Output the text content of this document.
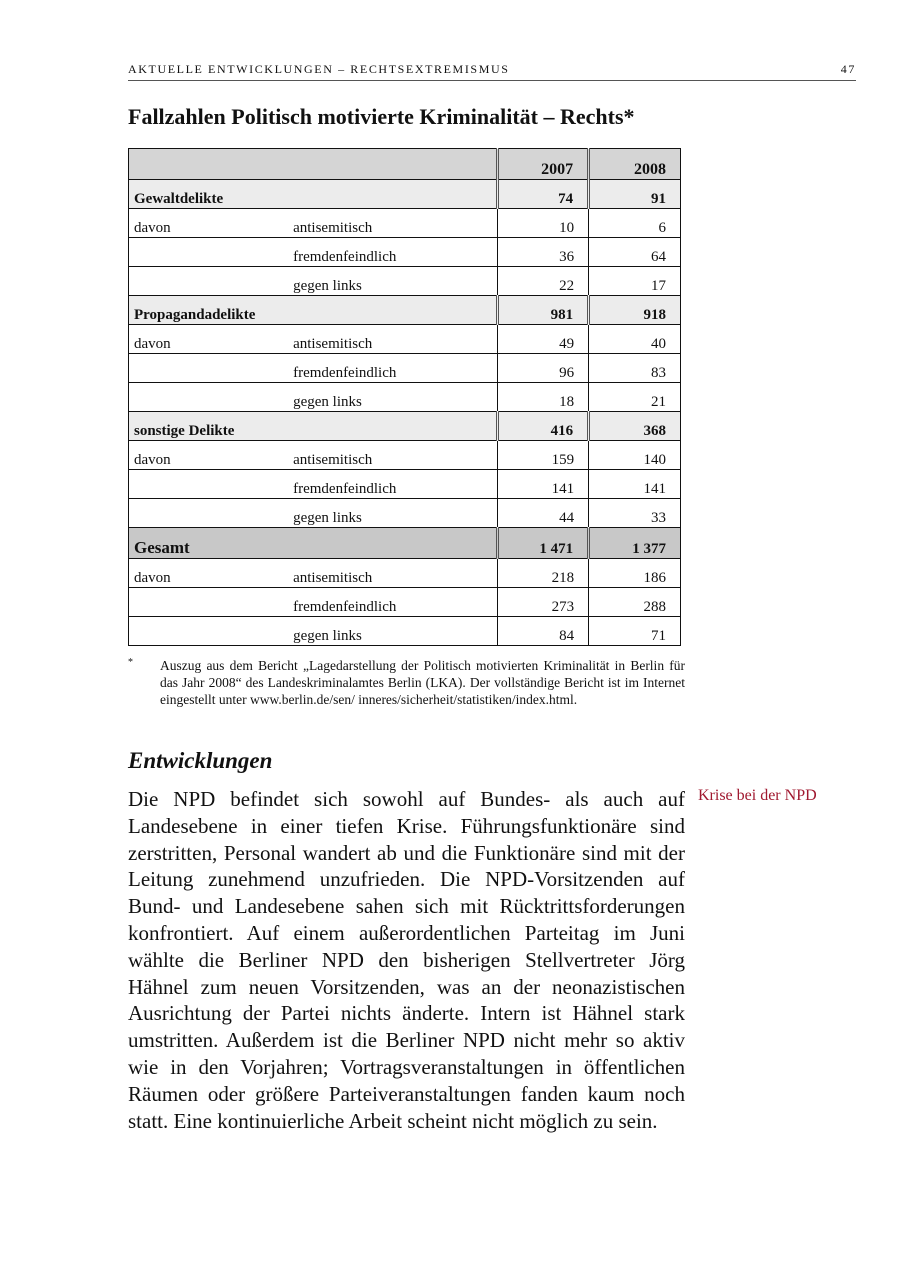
AKTUELLE ENTWICKLUNGEN – RECHTSEXTREMISMUS	47
Fallzahlen Politisch motivierte Kriminalität – Rechts*
		2007	2008
Gewaltdelikte		74	91
davon	antisemitisch	10	6
	fremdenfeindlich	36	64
	gegen links	22	17
Propagandadelikte		981	918
davon	antisemitisch	49	40
	fremdenfeindlich	96	83
	gegen links	18	21
sonstige Delikte		416	368
davon	antisemitisch	159	140
	fremdenfeindlich	141	141
	gegen links	44	33
Gesamt		1 471	1 377
davon	antisemitisch	218	186
	fremdenfeindlich	273	288
	gegen links	84	71
* Auszug aus dem Bericht „Lagedarstellung der Politisch motivierten Kriminalität in Berlin für das Jahr 2008“ des Landeskriminalamtes Berlin (LKA). Der vollständige Bericht ist im Internet eingestellt unter www.berlin.de/sen/ inneres/sicherheit/statistiken/index.html.
Entwicklungen

Die NPD befindet sich sowohl auf Bundes- als auch auf Landesebene in einer tiefen Krise. Führungsfunktionäre sind zerstritten, Personal wandert ab und die Funktionäre sind mit der Leitung zunehmend unzufrieden. Die NPD-Vorsitzenden auf Bund- und Landesebene sahen sich mit Rücktrittsforderungen konfrontiert. Auf einem außerordentlichen Parteitag im Juni wählte die Berliner NPD den bisherigen Stellvertreter Jörg Hähnel zum neuen Vorsitzenden, was an der neonazistischen Ausrichtung der Partei nichts änderte. Intern ist Hähnel stark umstritten. Außerdem ist die Berliner NPD nicht mehr so aktiv wie in den Vorjahren; Vortragsveranstaltungen in öffentlichen Räumen oder größere Parteiveranstaltungen fanden kaum noch statt. Eine kontinuierliche Arbeit scheint nicht möglich zu sein.

Krise bei der NPD
